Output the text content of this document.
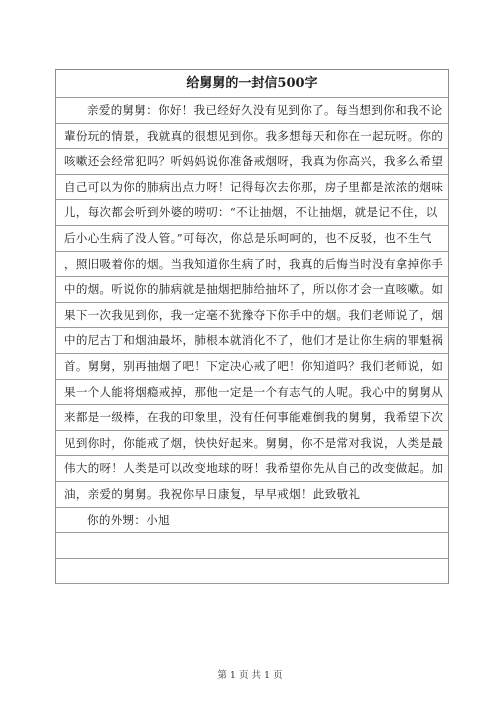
给舅舅的一封信500字
亲爱的舅舅：你好！我已经好久没有见到你了。每当想到你和我不论
輩份玩的情景，我就真的很想见到你。我多想每天和你在一起玩呀。你的
咳嗽还会经常犯吗？听妈妈说你准备戒烟呀，我真为你高兴，我多么希望
自己可以为你的肺病出点力呀！记得每次去你那，房子里都是浓浓的烟味
儿，每次都会听到外婆的唠叨：“不让抽烟，不让抽烟，就是记不住，以
后小心生病了没人管。”可每次，你总是乐呵呵的，也不反驳，也不生气
，照旧吸着你的烟。当我知道你生病了时，我真的后悔当时没有拿掉你手
中的烟。听说你的肺病就是抽烟把肺给抽坏了，所以你才会一直咳嗽。如
果下一次我见到你，我一定毫不犹豫夺下你手中的烟。我们老师说了，烟
中的尼古丁和烟油最坏，肺根本就消化不了，他们才是让你生病的罪魁祸
首。舅舅，别再抽烟了吧！下定决心戒了吧！你知道吗？我们老师说，如
果一个人能将烟瘾戒掉，那他一定是一个有志气的人呢。我心中的舅舅从
来都是一级棒，在我的印象里，没有任何事能难倒我的舅舅，我希望下次
见到你时，你能戒了烟，快快好起来。舅舅，你不是常对我说，人类是最
伟大的呀！人类是可以改变地球的呀！我希望你先从自己的改变做起。加
油，亲爱的舅舅。我祝你早日康复，早早戒烟！此致敬礼
你的外甥：小旭
第 1 页 共 1 页
